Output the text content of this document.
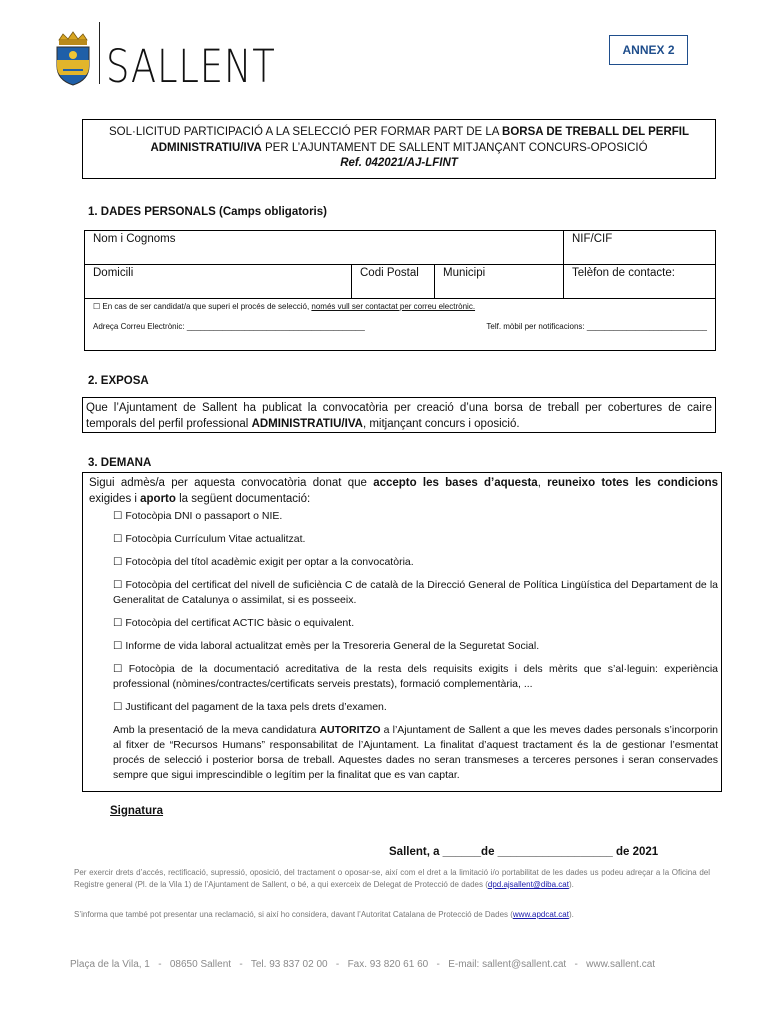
SALLENT	ANNEX 2
SOL·LICITUD PARTICIPACIÓ A LA SELECCIÓ PER FORMAR PART DE LA BORSA DE TREBALL DEL PERFIL
ADMINISTRATIU/IVA PER L’AJUNTAMENT DE SALLENT MITJANÇANT CONCURS-OPOSICIÓ
Ref. 042021/AJ-LFINT
1. DADES PERSONALS (Camps obligatoris)
Nom i Cognoms			NIF/CIF
Domicili	Codi Postal	Municipi	Telèfon de contacte:

☐ En cas de ser candidat/a que superi el procés de selecció, només vull ser contactat per correu electrònic.
Adreça Correu Electrònic: ________________________________________ Telf. mòbil per notificacions: ___________________________			
2. EXPOSA
Que l’Ajuntament de Sallent ha publicat la convocatòria per creació d’una borsa de treball per cobertures de caire temporals del perfil professional ADMINISTRATIU/IVA, mitjançant concurs i oposició.
3. DEMANA
Sigui admès/a per aquesta convocatòria donat que accepto les bases d’aquesta, reuneixo totes les condicions exigides i aporto la següent documentació:
☐ Fotocòpia DNI o passaport o NIE.
☐ Fotocòpia Currículum Vitae actualitzat.
☐ Fotocòpia del títol acadèmic exigit per optar a la convocatòria.
☐ Fotocòpia del certificat del nivell de suficiència C de català de la Direcció General de Política Lingüística del Departament de la Generalitat de Catalunya o assimilat, si es posseeix.
☐ Fotocòpia del certificat ACTIC bàsic o equivalent.
☐ Informe de vida laboral actualitzat emès per la Tresoreria General de la Seguretat Social.
☐ Fotocòpia de la documentació acreditativa de la resta dels requisits exigits i dels mèrits que s’al·leguin: experiència professional (nòmines/contractes/certificats serveis prestats), formació complementària, ...
☐ Justificant del pagament de la taxa pels drets d’examen.
Amb la presentació de la meva candidatura AUTORITZO a l’Ajuntament de Sallent a que les meves dades personals s’incorporin al fitxer de “Recursos Humans” responsabilitat de l’Ajuntament. La finalitat d’aquest tractament és la de gestionar l’esmentat procés de selecció i posterior borsa de treball. Aquestes dades no seran transmeses a terceres persones i seran conservades sempre que sigui imprescindible o legítim per la finalitat que es van captar.
Signatura
Sallent, a ______de __________________ de 2021
Per exercir drets d’accés, rectificació, supressió, oposició, del tractament o oposar-se, així com el dret a la limitació i/o portabilitat de les dades us podeu adreçar a la Oficina del Registre general (Pl. de la Vila 1) de l’Ajuntament de Sallent, o bé, a qui exerceix de Delegat de Protecció de dades (dpd.ajsallent@diba.cat).
S’informa que també pot presentar una reclamació, si així ho considera, davant l’Autoritat Catalana de Protecció de Dades (www.apdcat.cat).
Plaça de la Vila, 1   -   08650 Sallent   -   Tel. 93 837 02 00   -   Fax. 93 820 61 60   -   E-mail: sallent@sallent.cat   -   www.sallent.cat
